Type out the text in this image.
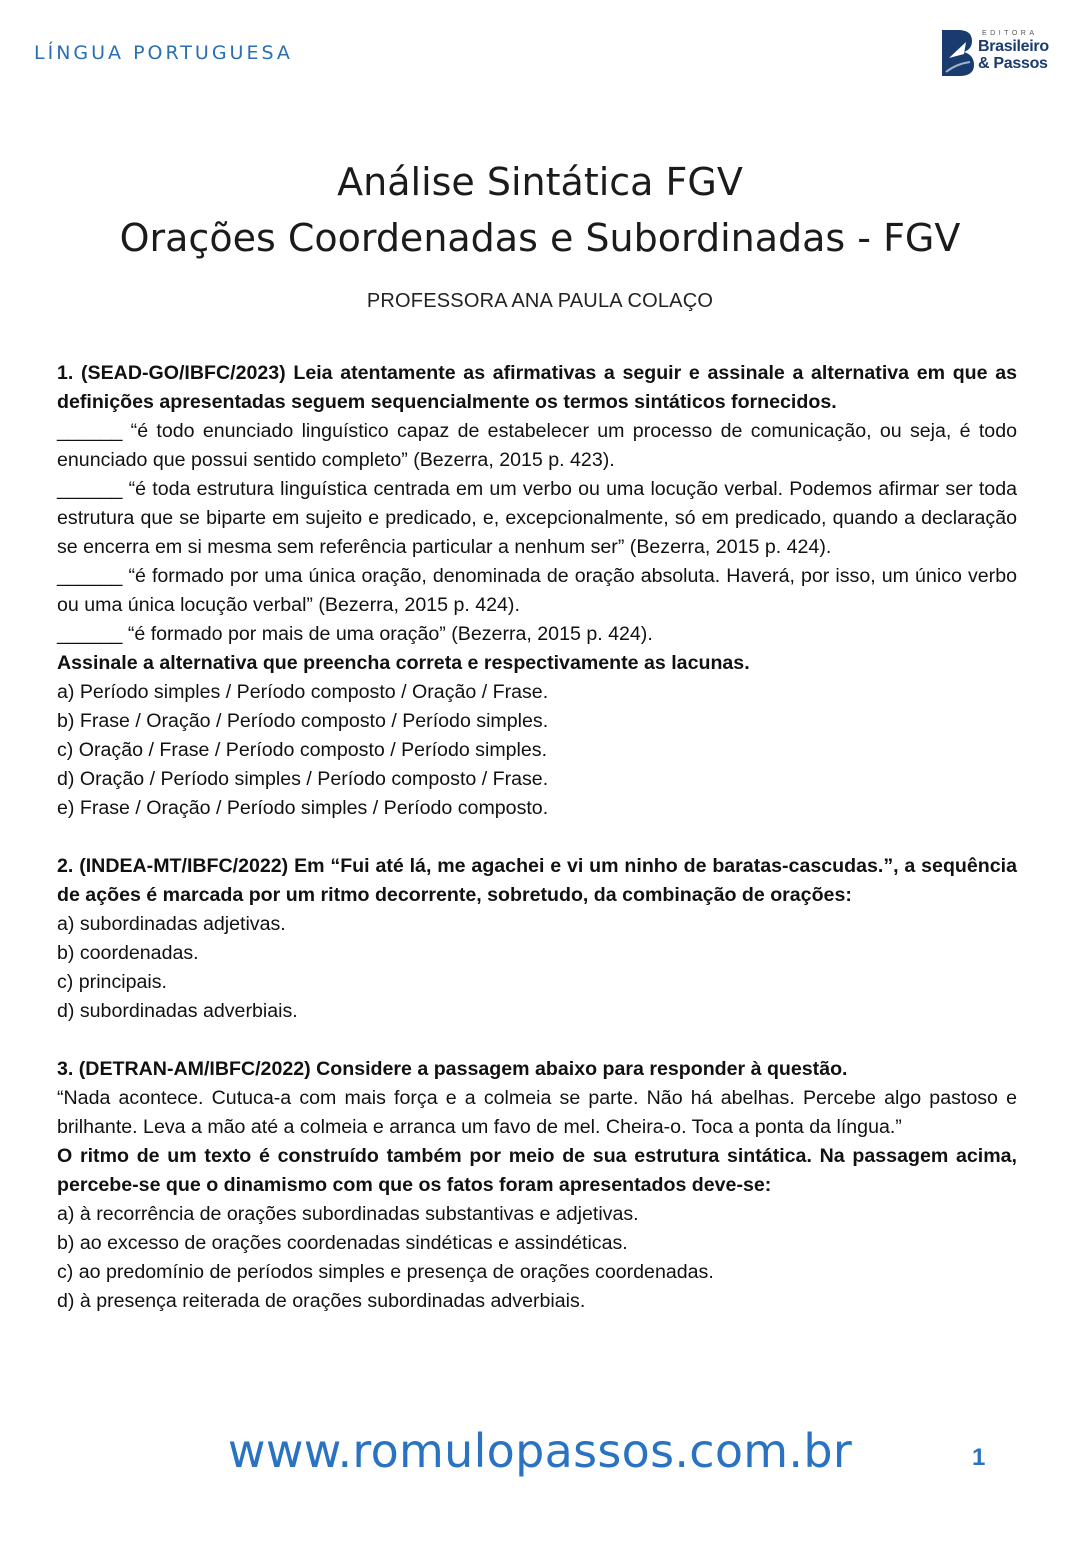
LÍNGUA PORTUGUESA
EDITORA
Brasileiro
& Passos
Análise Sintática FGV
Orações Coordenadas e Subordinadas - FGV
PROFESSORA ANA PAULA COLAÇO

1. (SEAD-GO/IBFC/2023) Leia atentamente as afirmativas a seguir e assinale a alternativa em que as definições apresentadas seguem sequencialmente os termos sintáticos fornecidos.

______ “é todo enunciado linguístico capaz de estabelecer um processo de comunicação, ou seja, é todo enunciado que possui sentido completo” (Bezerra, 2015 p. 423).

______ “é toda estrutura linguística centrada em um verbo ou uma locução verbal. Podemos afirmar ser toda estrutura que se biparte em sujeito e predicado, e, excepcionalmente, só em predicado, quando a declaração se encerra em si mesma sem referência particular a nenhum ser” (Bezerra, 2015 p. 424).

______ “é formado por uma única oração, denominada de oração absoluta. Haverá, por isso, um único verbo ou uma única locução verbal” (Bezerra, 2015 p. 424).

______ “é formado por mais de uma oração” (Bezerra, 2015 p. 424).

Assinale a alternativa que preencha correta e respectivamente as lacunas.

a) Período simples / Período composto / Oração / Frase.

b) Frase / Oração / Período composto / Período simples.

c) Oração / Frase / Período composto / Período simples.

d) Oração / Período simples / Período composto / Frase.

e) Frase / Oração / Período simples / Período composto.

2. (INDEA-MT/IBFC/2022) Em “Fui até lá, me agachei e vi um ninho de baratas-cascudas.”, a sequência de ações é marcada por um ritmo decorrente, sobretudo, da combinação de orações:

a) subordinadas adjetivas.

b) coordenadas.

c) principais.

d) subordinadas adverbiais.

3. (DETRAN-AM/IBFC/2022) Considere a passagem abaixo para responder à questão.

“Nada acontece. Cutuca-a com mais força e a colmeia se parte. Não há abelhas. Percebe algo pastoso e brilhante. Leva a mão até a colmeia e arranca um favo de mel. Cheira-o. Toca a ponta da língua.”

O ritmo de um texto é construído também por meio de sua estrutura sintática. Na passagem acima, percebe-se que o dinamismo com que os fatos foram apresentados deve-se:

a) à recorrência de orações subordinadas substantivas e adjetivas.

b) ao excesso de orações coordenadas sindéticas e assindéticas.

c) ao predomínio de períodos simples e presença de orações coordenadas.

d) à presença reiterada de orações subordinadas adverbiais.

www.romulopassos.com.br	1
